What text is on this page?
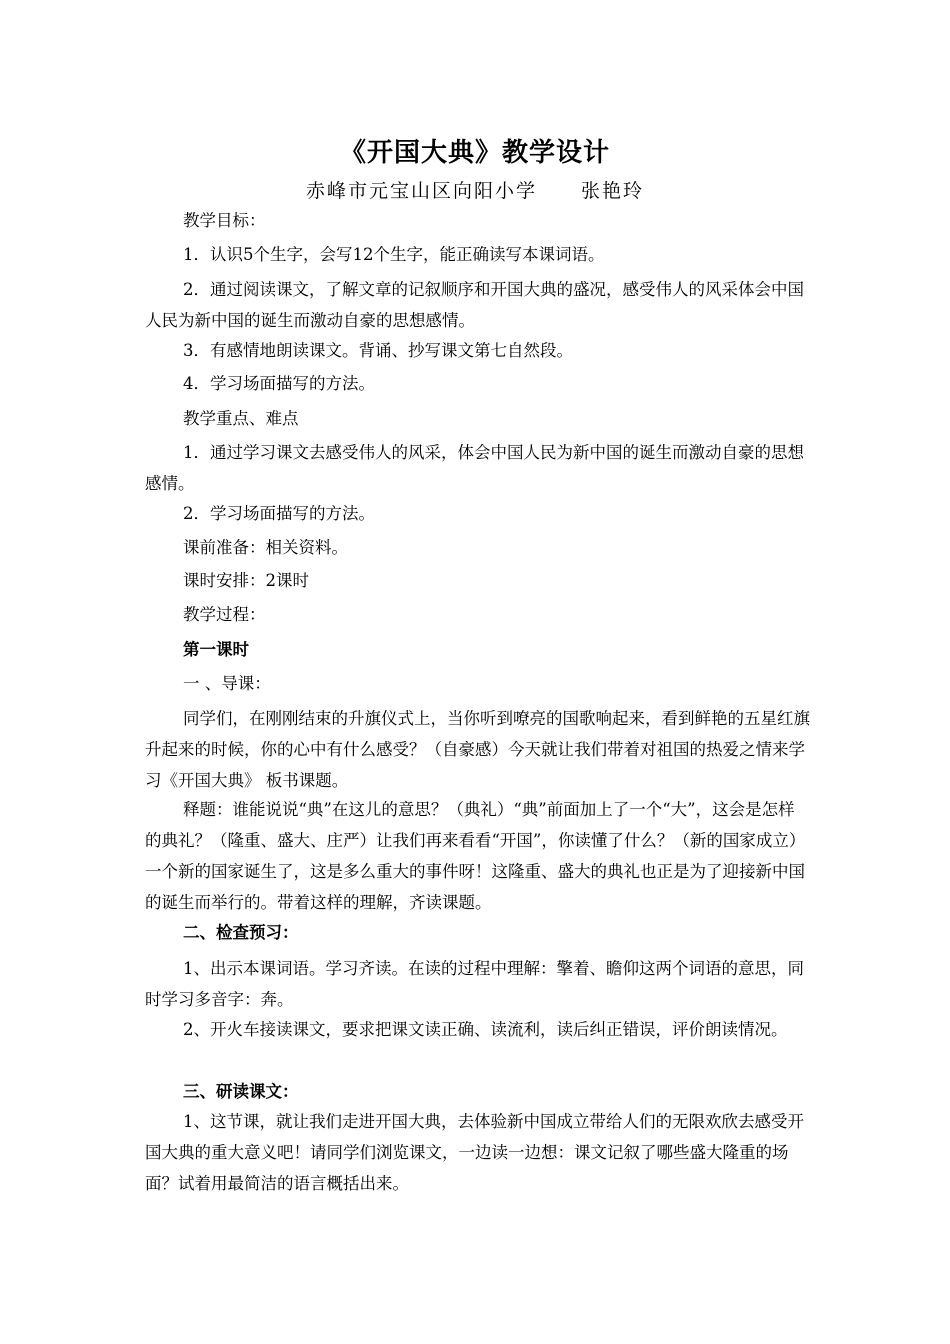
《开国大典》教学设计
赤峰市元宝山区向阳小学 张艳玲

教学目标：

1．认识5个生字，会写12个生字，能正确读写本课词语。

2．通过阅读课文，了解文章的记叙顺序和开国大典的盛况，感受伟人的风采体会中国人民为新中国的诞生而激动自豪的思想感情。

3．有感情地朗读课文。背诵、抄写课文第七自然段。

4．学习场面描写的方法。

教学重点、难点

1．通过学习课文去感受伟人的风采，体会中国人民为新中国的诞生而激动自豪的思想感情。

2．学习场面描写的方法。

课前准备：相关资料。

课时安排：2课时

教学过程：

第一课时

一 、导课：

同学们，在刚刚结束的升旗仪式上，当你听到嘹亮的国歌响起来，看到鲜艳的五星红旗升起来的时候，你的心中有什么感受？（自豪感）今天就让我们带着对祖国的热爱之情来学习《开国大典》 板书课题。

释题：谁能说说“典”在这儿的意思？（典礼）“典”前面加上了一个“大”，这会是怎样的典礼？（隆重、盛大、庄严）让我们再来看看“开国”，你读懂了什么？（新的国家成立）一个新的国家诞生了，这是多么重大的事件呀！这隆重、盛大的典礼也正是为了迎接新中国的诞生而举行的。带着这样的理解，齐读课题。

二、检查预习：

1、出示本课词语。学习齐读。在读的过程中理解：擎着、瞻仰这两个词语的意思，同时学习多音字：奔。

2、开火车接读课文，要求把课文读正确、读流利，读后纠正错误，评价朗读情况。

三、研读课文：

1、这节课，就让我们走进开国大典，去体验新中国成立带给人们的无限欢欣去感受开国大典的重大意义吧！请同学们浏览课文，一边读一边想：课文记叙了哪些盛大隆重的场面？试着用最简洁的语言概括出来。
